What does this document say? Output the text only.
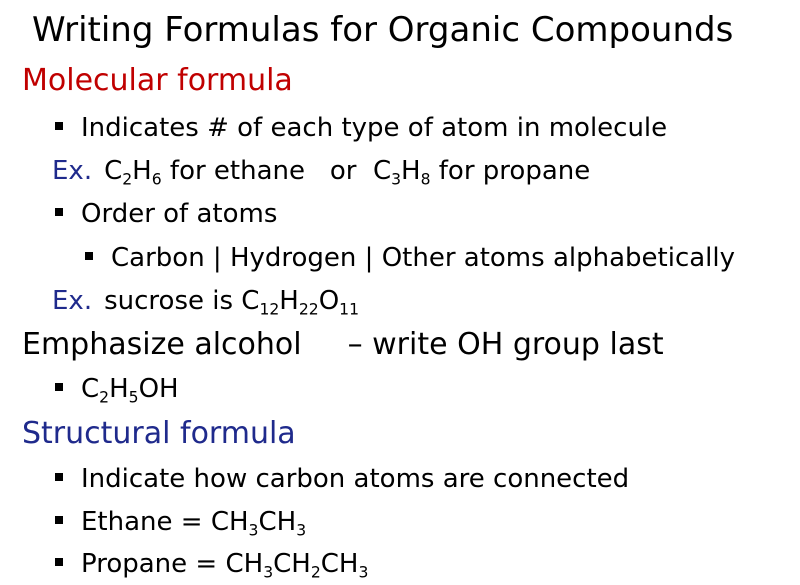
Writing Formulas for Organic Compounds
Molecular formula
Indicates # of each type of atom in molecule
Ex. $C_2H_6$ for ethane or $C_3H_8$ for propane
Order of atoms
Carbon | Hydrogen | Other atoms alphabetically
Ex. sucrose is $C_{12}H_{22}O_{11}$
Emphasize alcohol – write OH group last
$C_2H_5OH$
Structural formula
Indicate how carbon atoms are connected
Ethane = $CH_3CH_3$
Propane = $CH_3CH_2CH_3$
